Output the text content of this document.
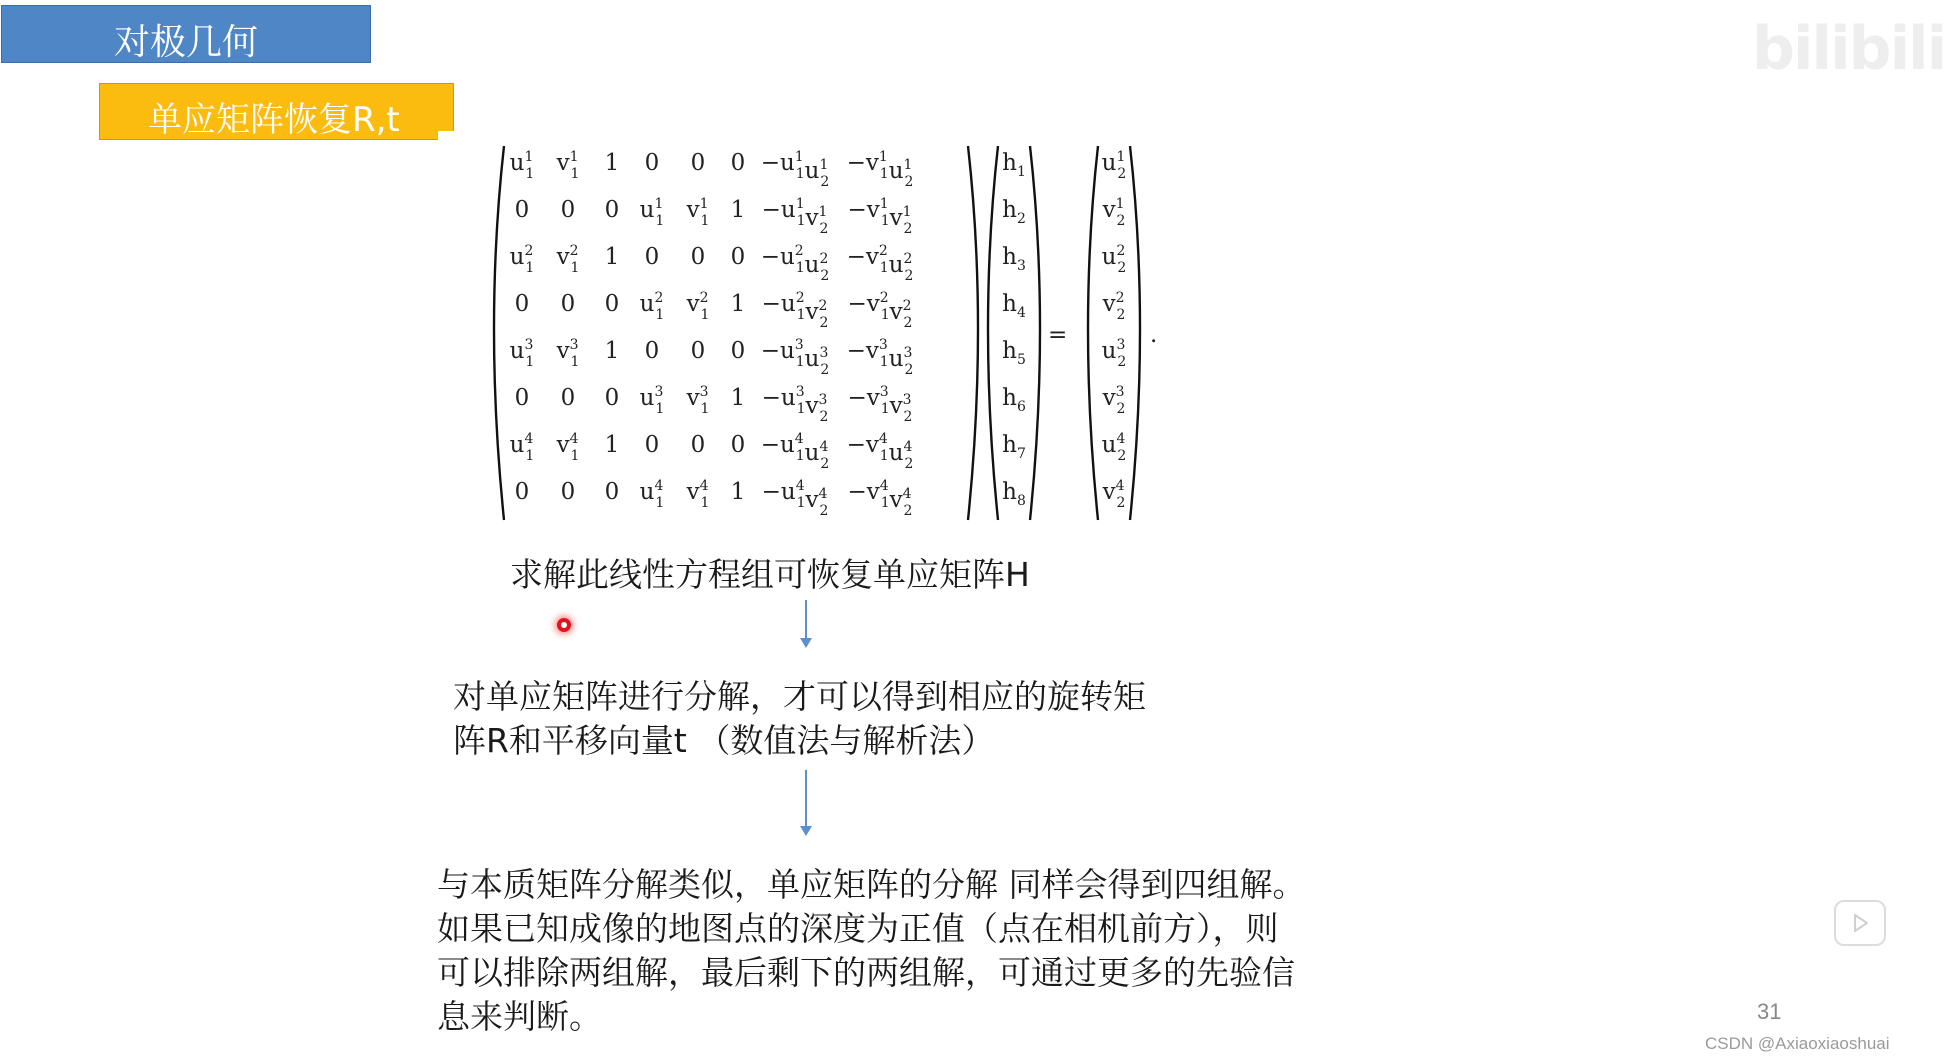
对极几何
单应矩阵恢复R,t
bilibili
=	.
$u^1$ 1 $v^1$ 1 1 0 0 $0 -u^1$ $1u^1$ 2
$-v^1$ $1u^1$ 2
0 0 0 $u^1$ 1 $v^1$ 1 $1 -u^1$ $1v^1$ 2
$-v^1$ $1v^1$ 2
$u^2$ 1 $v^2$ 1 1 0 0 $0 -u^2$ $1u^2$ 2
$-v^2$ $1u^2$ 2
0 0 0 $u^2$ 1 $v^2$ 1 $1 -u^2$ $1v^2$ 2
$-v^2$ $1v^2$ 2
$u^3$ 1 $v^3$ 1 1 0 0 $0 -u^3$ $1u^3$ 2
$-v^3$ $1u^3$ 2
0 0 0 $u^3$ 1 $v^3$ 1 $1 -u^3$ $1v^3$ 2
$-v^3$ $1v^3$ 2
$u^4$ 1 $v^4$ 1 1 0 0 $0 -u^4$ $1u^4$ 2
$-v^4$ $1u^4$ 2
0 0 0 $u^4$ 1 $v^4$ 1 $1 -u^4$ $1v^4$ 2
$-v^4$ $1v^4$ 2
$h_1$
$h_2$
$h_3$
$h_4$
$h_5$
$h_6$
$h_7$
$h_8$
$u^1$ 2
$v^1$ 2
$u^2$ 2
$v^2$ 2
$u^3$ 2
$v^3$ 2
$u^4$ 2
$v^4$ 2
求解此线性方程组可恢复单应矩阵H
对单应矩阵进行分解，才可以得到相应的旋转矩
阵R和平移向量t （数值法与解析法）
与本质矩阵分解类似，单应矩阵的分解 同样会得到四组解。
如果已知成像的地图点的深度为正值（点在相机前方），则
可以排除两组解，最后剩下的两组解，可通过更多的先验信
息来判断。	31
CSDN @Axiaoxiaoshuai
